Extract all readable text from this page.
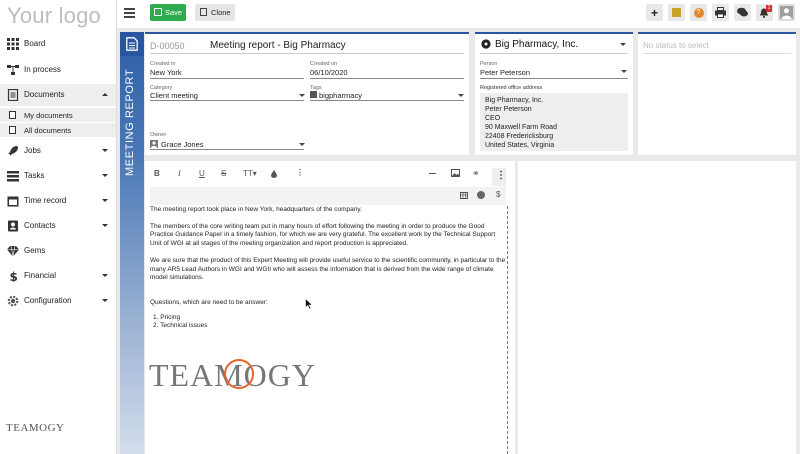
Your logo
Board
In process
Documents
My documents
All documents
Jobs
Tasks
Time record
Contacts
Gems
$ Financial
Configuration
TEAMOGY
Save	Clone	+	?
1
MEETING REPORT
D-00050	Meeting report - Big Pharmacy
Created in
New York
Created on
06/10/2020
Category
Client meeting
Tags
bigpharmacy
Owner
Grace Jones
Big Pharmacy, Inc.
Person
Peter Peterson
Registered office address
Big Pharmacy, Inc.
Peter Peterson
CEO
90 Maxwell Farm Road
22408 Fredericksburg
United States, Virginia
No status to select
B I U S TT▾	⋮	⚭ ⋮
$

The meeting report took place in New York, headquarters of the company.

The members of the core writing team put in many hours of effort following the meeting in order to produce the Good Practice Guidance Paper in a timely fashion, for which we are very grateful. The excellent work by the Technical Support Unit of WGI at all stages of the meeting organization and report production is appreciated.

We are sure that the product of this Expert Meeting will provide useful service to the scientific community, in particular to the many AR5 Lead Authors in WGI and WGII who will assess the information that is derived from the wide range of climate model simulations.

Questions, which are need to be answer:

1. Pricing
2. Technical issues
TEAMOGY
